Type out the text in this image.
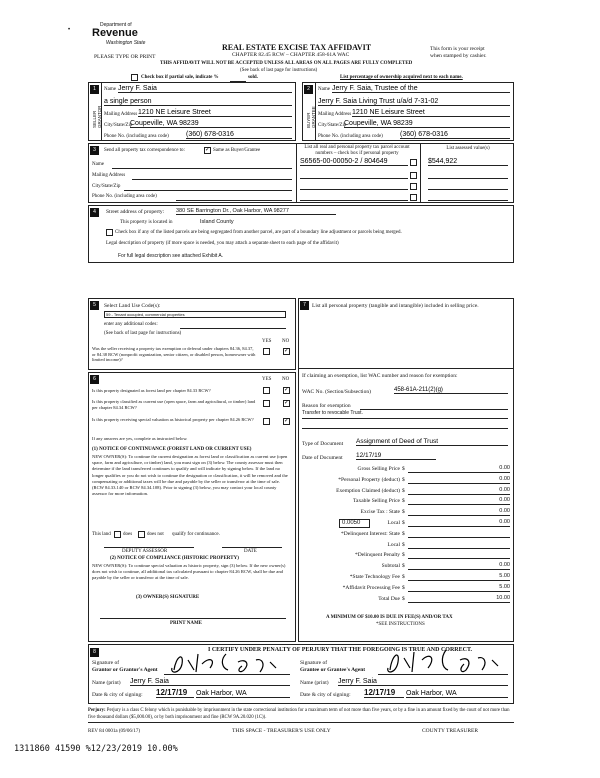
Department of
Revenue
Washington State
•
REAL ESTATE EXCISE TAX AFFIDAVIT
CHAPTER 82.45 RCW – CHAPTER 458-61A WAC
PLEASE TYPE OR PRINT
This form is your receipt
when stamped by cashier.
THIS AFFIDAVIT WILL NOT BE ACCEPTED UNLESS ALL AREAS ON ALL PAGES ARE FULLY COMPLETED
(See back of last page for instructions)
Check box if partial sale, indicate %	sold.	List percentage of ownership acquired next to each name.
1
SELLER GRANTOR
Name Jerry F. Saia
a single person
Mailing Address 1210 NE Leisure Street
City/State/Zip
Coupeville, WA 98239
Phone No. (including area code) (360) 678-0316
2
BUYER GRANTEE
Name Jerry F. Saia, Trustee of the
Jerry F. Saia Living Trust u/a/d 7-31-02
Mailing Address 1210 NE Leisure Street
City/State/Zip
Coupeville, WA 98239
Phone No. (including area code) (360) 678-0316
3	Send all property tax correspondence to:	✓ Same as Buyer/Grantee
Name
Mailing Address
City/State/Zip
Phone No. (including area code)
List all real and personal property tax parcel account numbers – check box if personal property
List assessed value(s)
S6565-00-00050-2 / 804649	$544,922
4	Street address of property: 380 SE Barrington Dr., Oak Harbor, WA 98277
This property is located in	Island County
Check box if any of the listed parcels are being segregated from another parcel, are part of a boundary line adjustment or parcels being merged.
Legal description of property (if more space is needed, you may attach a separate sheet to each page of the affidavit)
For full legal description see attached Exhibit A.
5	Select Land Use Code(s):
59 - Tenant occupied, commercial properties
enter any additional codes:
(See back of last page for instructions)
YES NO
Was the seller receiving a property tax exemption or deferral under chapters 84.36, 84.37, or 84.38 RCW (nonprofit organization, senior citizen, or disabled person, homeowner with limited income)?
✓
6	YES NO
Is this property designated as forest land per chapter 84.33 RCW?	✓
Is this property classified as current use (open space, farm and agricultural, or timber) land per chapter 84.34 RCW?
✓
Is this property receiving special valuation as historical property per chapter 84.26 RCW?	✓
If any answers are yes, complete as instructed below.
(1) NOTICE OF CONTINUANCE (FOREST LAND OR CURRENT USE)
NEW OWNER(S): To continue the current designation as forest land or classification as current use (open space, farm and agriculture, or timber) land, you must sign on (3) below. The county assessor must then determine if the land transferred continues to qualify and will indicate by signing below. If the land no longer qualifies or you do not wish to continue the designation or classification, it will be removed and the compensating or additional taxes will be due and payable by the seller or transferor at the time of sale. (RCW 84.33.140 or RCW 84.34.108). Prior to signing (3) below, you may contact your local county assessor for more information.
This land does	does not qualify for continuance.
DEPUTY ASSESSOR	DATE
(2) NOTICE OF COMPLIANCE (HISTORIC PROPERTY)
NEW OWNER(S): To continue special valuation as historic property, sign (3) below. If the new owner(s) does not wish to continue, all additional tax calculated pursuant to chapter 84.26 RCW, shall be due and payable by the seller or transferor at the time of sale.
(3) OWNER(S) SIGNATURE
PRINT NAME
7	List all personal property (tangible and intangible) included in selling price.
If claiming an exemption, list WAC number and reason for exemption:
WAC No. (Section/Subsection)	458-61A-211(2)(g)
Reason for exemption
Transfer to revocable Trust.
Type of Document Assignment of Deed of Trust
Date of Document 12/17/19
Gross Selling Price $	0.00
*Personal Property (deduct) $	0.00
Exemption Claimed (deduct) $	0.00
Taxable Selling Price $	0.00
Excise Tax : State $	0.00
Local $	0.00
*Delinquent Interest: State $
Local $
*Delinquent Penalty $
Subtotal $	0.00
*State Technology Fee $	5.00
*Affidavit Processing Fee $	5.00
Total Due $	10.00
0.0050
A MINIMUM OF $10.00 IS DUE IN FEE(S) AND/OR TAX
*SEE INSTRUCTIONS
8	I CERTIFY UNDER PENALTY OF PERJURY THAT THE FOREGOING IS TRUE AND CORRECT.
Signature of
Grantor or Grantor's Agent
Name (print) Jerry F. Saia
Date & city of signing: 12/17/19	Oak Harbor, WA
Signature of
Grantee or Grantee's Agent
Name (print) Jerry F. Saia
Date & city of signing: 12/17/19	Oak Harbor, WA
Perjury: Perjury is a class C felony which is punishable by imprisonment in the state correctional institution for a maximum term of not more than five years, or by a fine in an amount fixed by the court of not more than five thousand dollars ($5,000.00), or by both imprisonment and fine (RCW 9A.20.020 (1C)).
REV 84 0001a (09/06/17)	THIS SPACE - TREASURER'S USE ONLY	COUNTY TREASURER
1311860 41590 %12/23/2019 10.00%
